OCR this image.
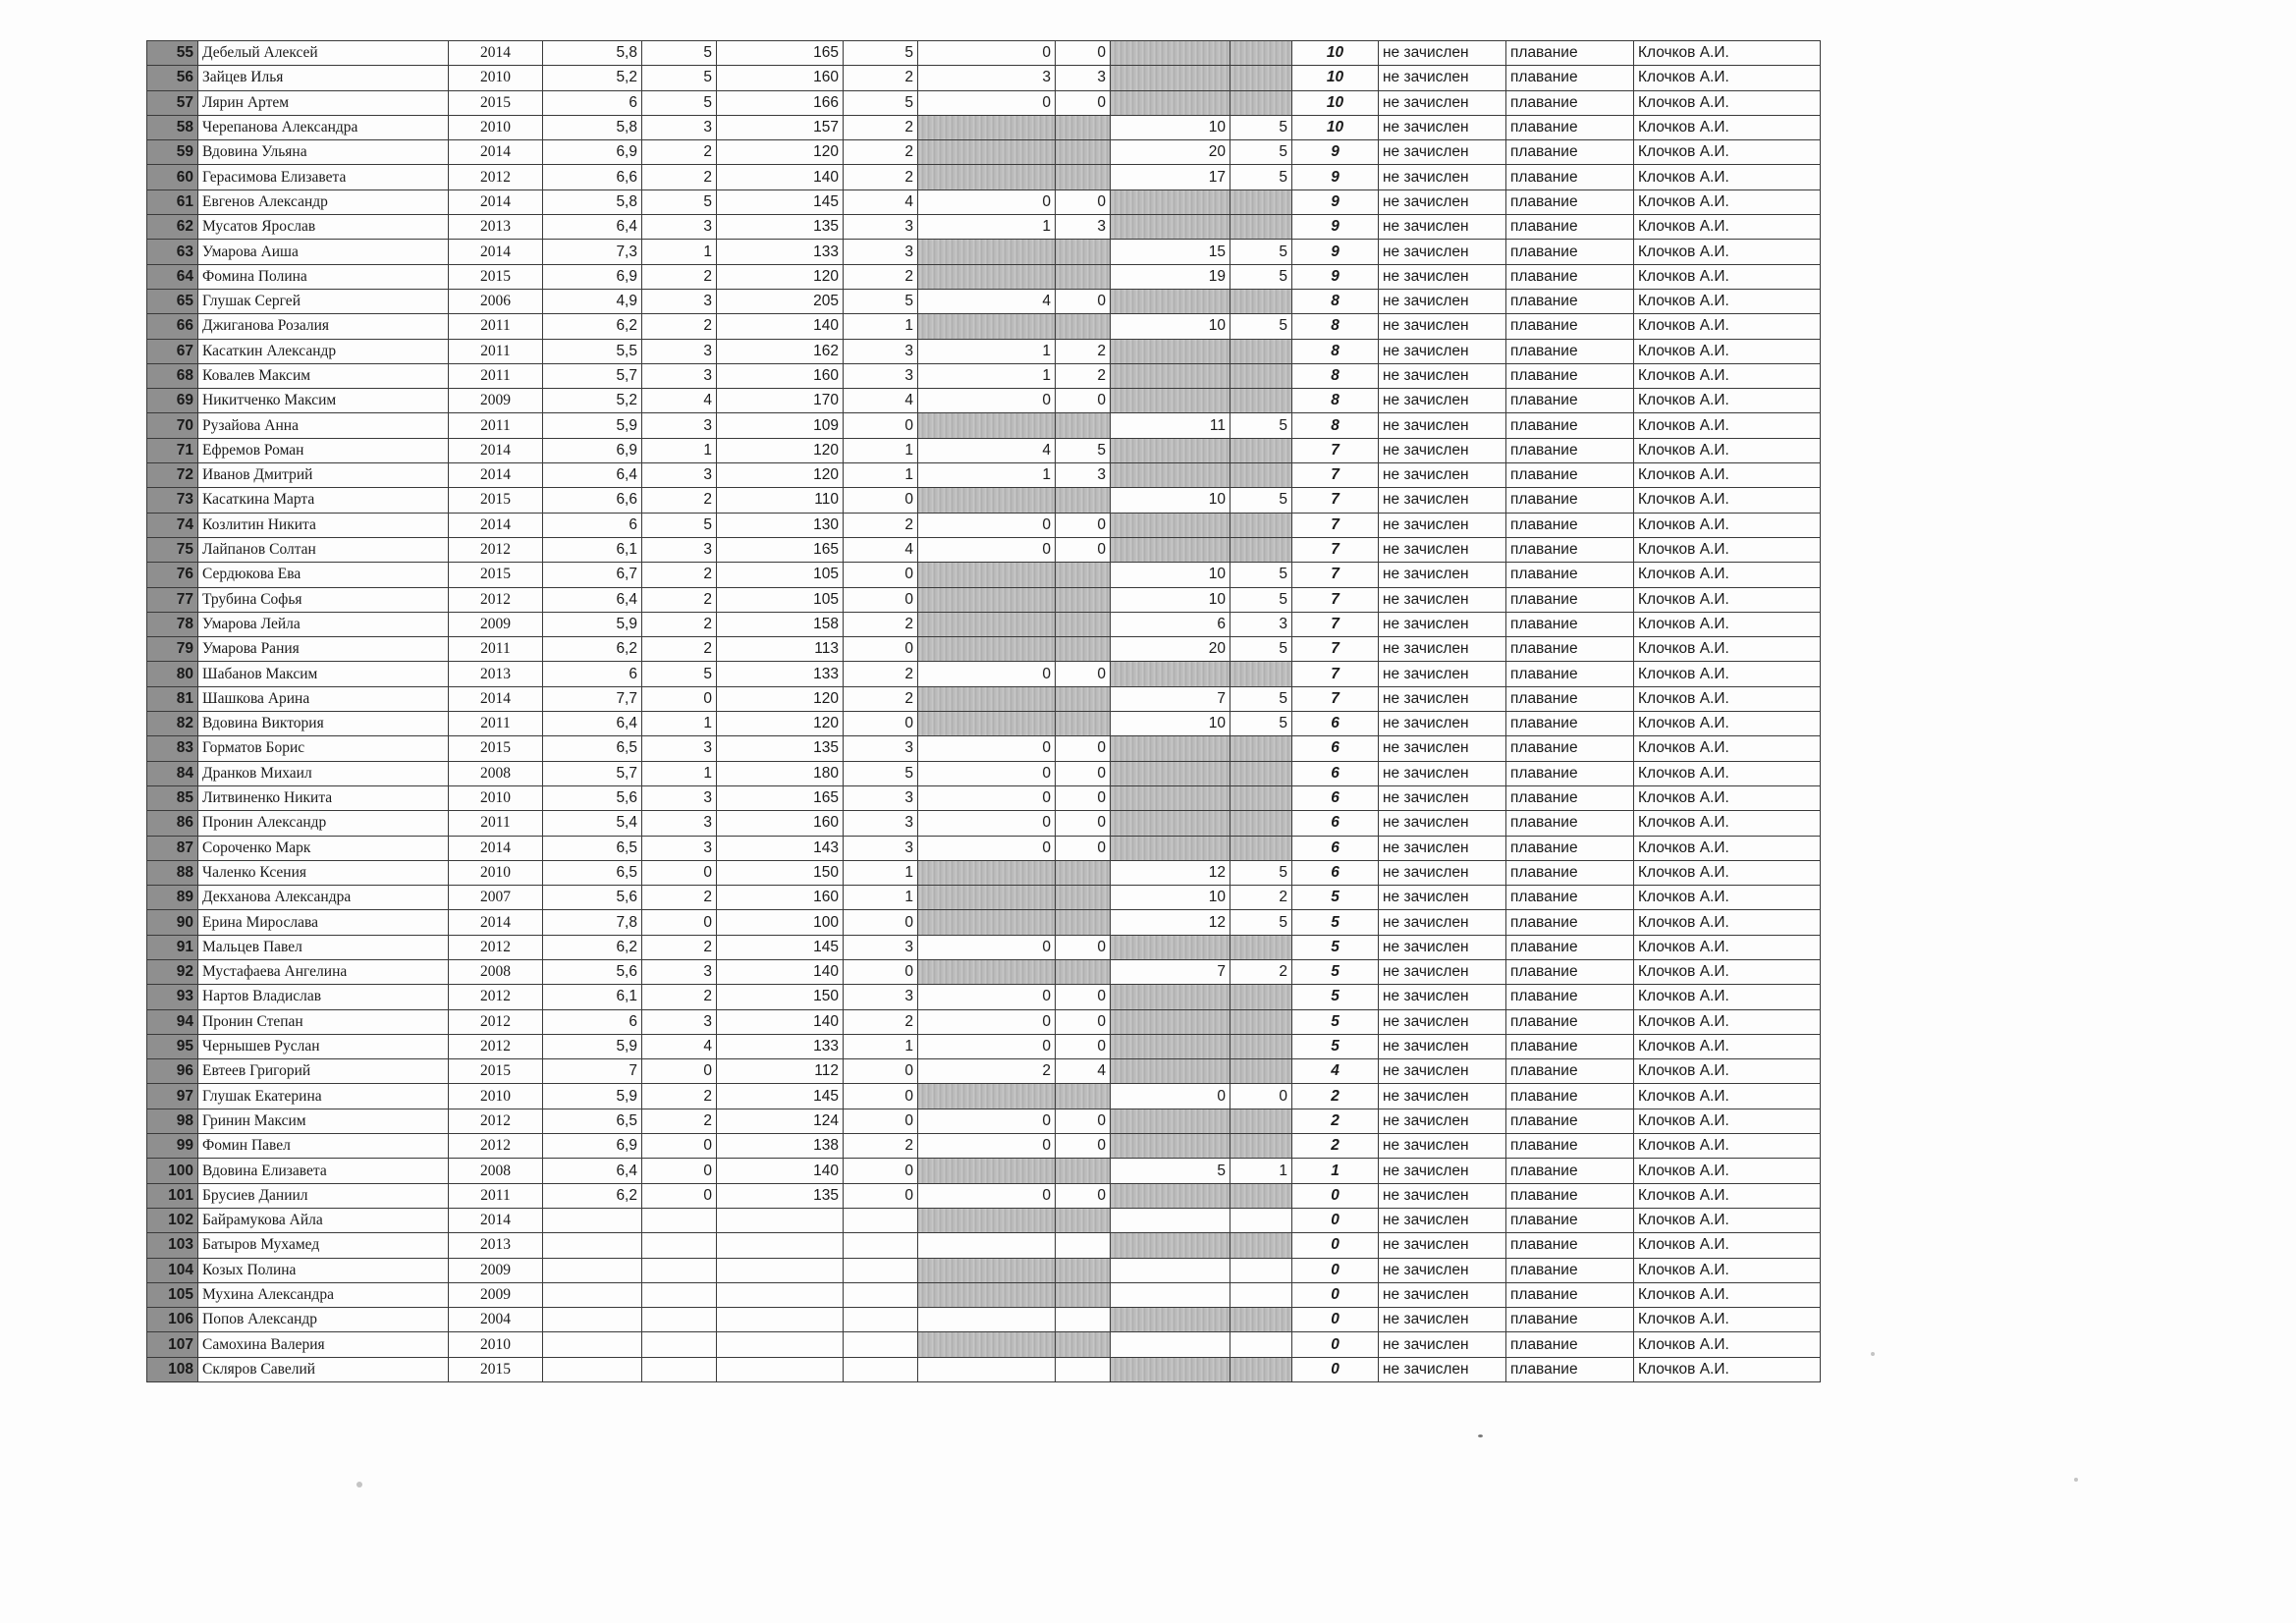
55	Дебелый Алексей	2014	5,8	5	165	5	0	0			10	не зачислен	плавание	Клочков А.И.
56	Зайцев Илья	2010	5,2	5	160	2	3	3			10	не зачислен	плавание	Клочков А.И.
57	Лярин Артем	2015	6	5	166	5	0	0			10	не зачислен	плавание	Клочков А.И.
58	Черепанова Александра	2010	5,8	3	157	2			10	5	10	не зачислен	плавание	Клочков А.И.
59	Вдовина Ульяна	2014	6,9	2	120	2			20	5	9	не зачислен	плавание	Клочков А.И.
60	Герасимова Елизавета	2012	6,6	2	140	2			17	5	9	не зачислен	плавание	Клочков А.И.
61	Евгенов Александр	2014	5,8	5	145	4	0	0			9	не зачислен	плавание	Клочков А.И.
62	Мусатов Ярослав	2013	6,4	3	135	3	1	3			9	не зачислен	плавание	Клочков А.И.
63	Умарова Аиша	2014	7,3	1	133	3			15	5	9	не зачислен	плавание	Клочков А.И.
64	Фомина Полина	2015	6,9	2	120	2			19	5	9	не зачислен	плавание	Клочков А.И.
65	Глушак Сергей	2006	4,9	3	205	5	4	0			8	не зачислен	плавание	Клочков А.И.
66	Джиганова Розалия	2011	6,2	2	140	1			10	5	8	не зачислен	плавание	Клочков А.И.
67	Касаткин Александр	2011	5,5	3	162	3	1	2			8	не зачислен	плавание	Клочков А.И.
68	Ковалев Максим	2011	5,7	3	160	3	1	2			8	не зачислен	плавание	Клочков А.И.
69	Никитченко Максим	2009	5,2	4	170	4	0	0			8	не зачислен	плавание	Клочков А.И.
70	Рузайова Анна	2011	5,9	3	109	0			11	5	8	не зачислен	плавание	Клочков А.И.
71	Ефремов Роман	2014	6,9	1	120	1	4	5			7	не зачислен	плавание	Клочков А.И.
72	Иванов Дмитрий	2014	6,4	3	120	1	1	3			7	не зачислен	плавание	Клочков А.И.
73	Касаткина Марта	2015	6,6	2	110	0			10	5	7	не зачислен	плавание	Клочков А.И.
74	Козлитин Никита	2014	6	5	130	2	0	0			7	не зачислен	плавание	Клочков А.И.
75	Лайпанов Солтан	2012	6,1	3	165	4	0	0			7	не зачислен	плавание	Клочков А.И.
76	Сердюкова Ева	2015	6,7	2	105	0			10	5	7	не зачислен	плавание	Клочков А.И.
77	Трубина Софья	2012	6,4	2	105	0			10	5	7	не зачислен	плавание	Клочков А.И.
78	Умарова Лейла	2009	5,9	2	158	2			6	3	7	не зачислен	плавание	Клочков А.И.
79	Умарова Рания	2011	6,2	2	113	0			20	5	7	не зачислен	плавание	Клочков А.И.
80	Шабанов Максим	2013	6	5	133	2	0	0			7	не зачислен	плавание	Клочков А.И.
81	Шашкова Арина	2014	7,7	0	120	2			7	5	7	не зачислен	плавание	Клочков А.И.
82	Вдовина Виктория	2011	6,4	1	120	0			10	5	6	не зачислен	плавание	Клочков А.И.
83	Горматов Борис	2015	6,5	3	135	3	0	0			6	не зачислен	плавание	Клочков А.И.
84	Дранков Михаил	2008	5,7	1	180	5	0	0			6	не зачислен	плавание	Клочков А.И.
85	Литвиненко Никита	2010	5,6	3	165	3	0	0			6	не зачислен	плавание	Клочков А.И.
86	Пронин Александр	2011	5,4	3	160	3	0	0			6	не зачислен	плавание	Клочков А.И.
87	Сороченко Марк	2014	6,5	3	143	3	0	0			6	не зачислен	плавание	Клочков А.И.
88	Чаленко Ксения	2010	6,5	0	150	1			12	5	6	не зачислен	плавание	Клочков А.И.
89	Декханова Александра	2007	5,6	2	160	1			10	2	5	не зачислен	плавание	Клочков А.И.
90	Ерина Мирослава	2014	7,8	0	100	0			12	5	5	не зачислен	плавание	Клочков А.И.
91	Мальцев Павел	2012	6,2	2	145	3	0	0			5	не зачислен	плавание	Клочков А.И.
92	Мустафаева Ангелина	2008	5,6	3	140	0			7	2	5	не зачислен	плавание	Клочков А.И.
93	Нартов Владислав	2012	6,1	2	150	3	0	0			5	не зачислен	плавание	Клочков А.И.
94	Пронин Степан	2012	6	3	140	2	0	0			5	не зачислен	плавание	Клочков А.И.
95	Чернышев Руслан	2012	5,9	4	133	1	0	0			5	не зачислен	плавание	Клочков А.И.
96	Евтеев Григорий	2015	7	0	112	0	2	4			4	не зачислен	плавание	Клочков А.И.
97	Глушак Екатерина	2010	5,9	2	145	0			0	0	2	не зачислен	плавание	Клочков А.И.
98	Гринин Максим	2012	6,5	2	124	0	0	0			2	не зачислен	плавание	Клочков А.И.
99	Фомин Павел	2012	6,9	0	138	2	0	0			2	не зачислен	плавание	Клочков А.И.
100	Вдовина Елизавета	2008	6,4	0	140	0			5	1	1	не зачислен	плавание	Клочков А.И.
101	Брусиев Даниил	2011	6,2	0	135	0	0	0			0	не зачислен	плавание	Клочков А.И.
102	Байрамукова Айла	2014									0	не зачислен	плавание	Клочков А.И.
103	Батыров Мухамед	2013									0	не зачислен	плавание	Клочков А.И.
104	Козых Полина	2009									0	не зачислен	плавание	Клочков А.И.
105	Мухина Александра	2009									0	не зачислен	плавание	Клочков А.И.
106	Попов Александр	2004									0	не зачислен	плавание	Клочков А.И.
107	Самохина Валерия	2010									0	не зачислен	плавание	Клочков А.И.
108	Скляров Савелий	2015									0	не зачислен	плавание	Клочков А.И.
